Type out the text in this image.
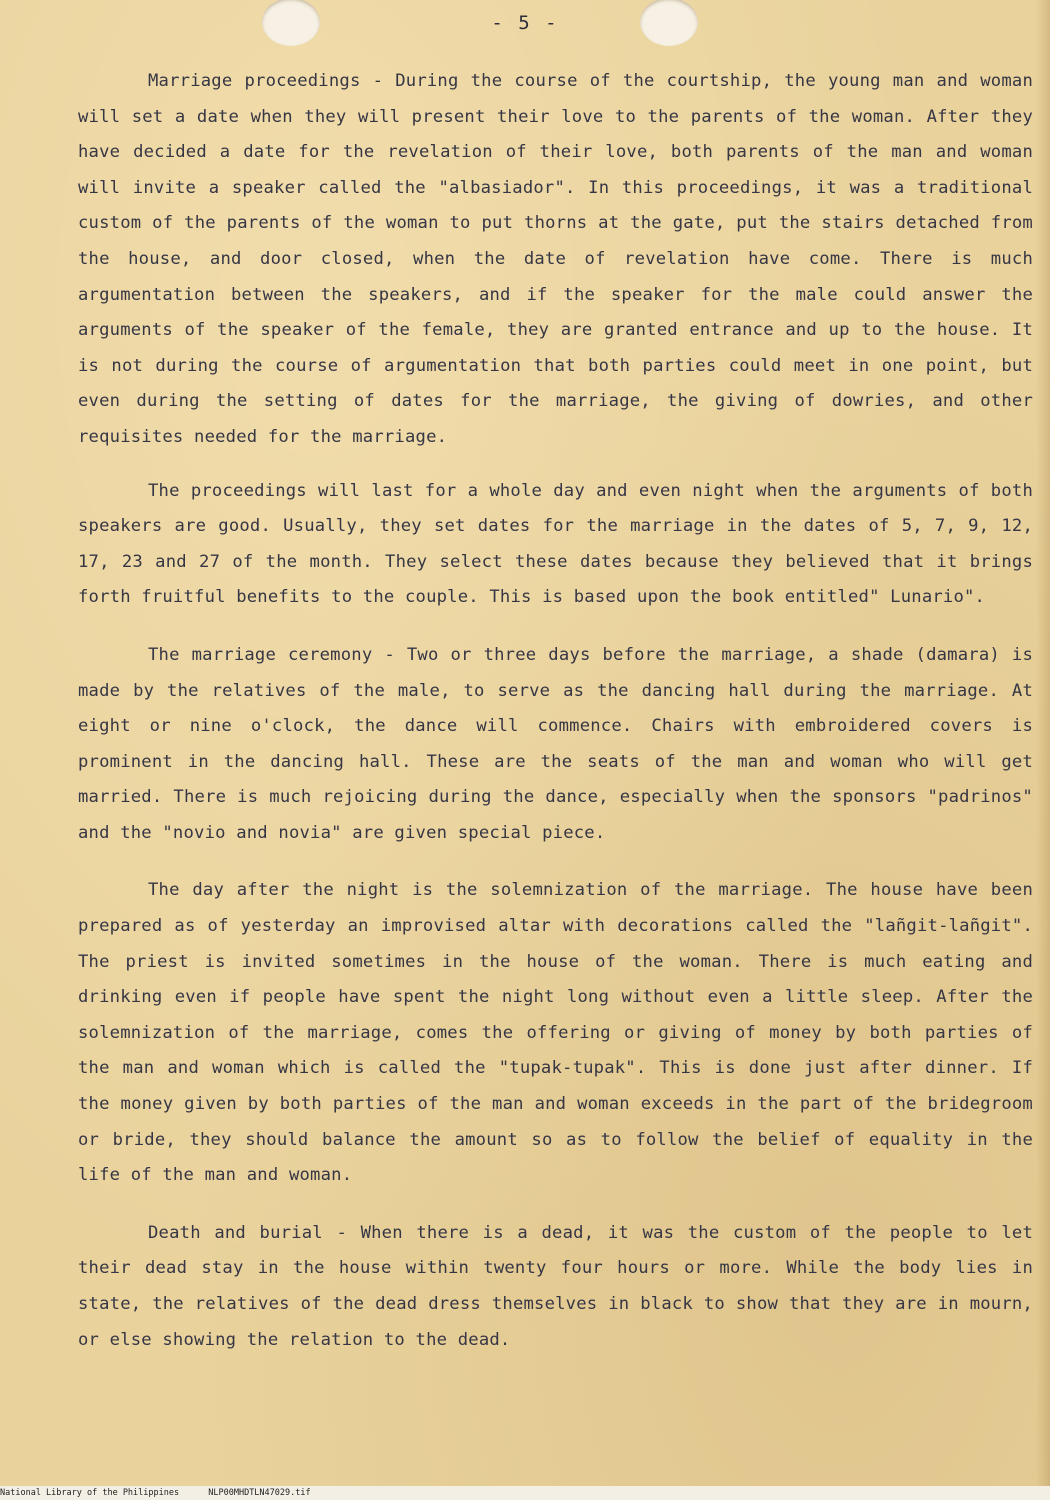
- 5 -

Marriage proceedings - During the course of the courtship, the young man and woman will set a date when they will present their love to the parents of the woman. After they have decided a date for the revelation of their love, both parents of the man and woman will invite a speaker called the "albasiador". In this proceedings, it was a traditional custom of the parents of the woman to put thorns at the gate, put the stairs detached from the house, and door closed, when the date of revelation have come. There is much argumentation between the speakers, and if the speaker for the male could answer the arguments of the speaker of the female, they are granted entrance and up to the house. It is not during the course of argumentation that both parties could meet in one point, but even during the setting of dates for the marriage, the giving of dowries, and other requisites needed for the marriage.

The proceedings will last for a whole day and even night when the arguments of both speakers are good. Usually, they set dates for the marriage in the dates of 5, 7, 9, 12, 17, 23 and 27 of the month. They select these dates because they believed that it brings forth fruitful benefits to the couple. This is based upon the book entitled" Lunario".

The marriage ceremony - Two or three days before the marriage, a shade (damara) is made by the relatives of the male, to serve as the dancing hall during the marriage. At eight or nine o'clock, the dance will commence. Chairs with embroidered covers is prominent in the dancing hall. These are the seats of the man and woman who will get married. There is much rejoicing during the dance, especially when the sponsors "padrinos" and the "novio and novia" are given special piece.

The day after the night is the solemnization of the marriage. The house have been prepared as of yesterday an improvised altar with decorations called the "lañgit-lañgit". The priest is invited sometimes in the house of the woman. There is much eating and drinking even if people have spent the night long without even a little sleep. After the solemnization of the marriage, comes the offering or giving of money by both parties of the man and woman which is called the "tupak-tupak". This is done just after dinner. If the money given by both parties of the man and woman exceeds in the part of the bridegroom or bride, they should balance the amount so as to follow the belief of equality in the life of the man and woman.

Death and burial - When there is a dead, it was the custom of the people to let their dead stay in the house within twenty four hours or more. While the body lies in state, the relatives of the dead dress themselves in black to show that they are in mourn, or else showing the relation to the dead.

National Library of the Philippines	NLP00MHDTLN47029.tif
